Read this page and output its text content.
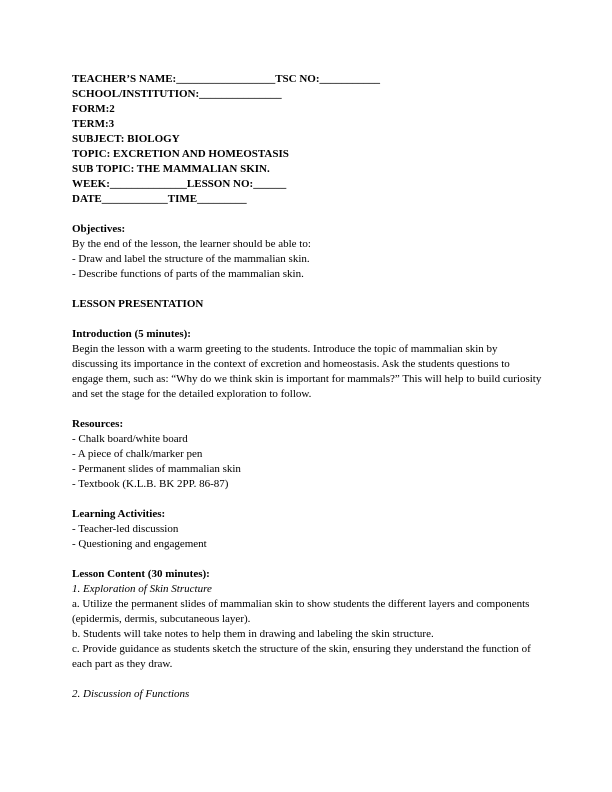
TEACHER’S NAME:__________________TSC NO:___________
SCHOOL/INSTITUTION:_______________
FORM:2
TERM:3
SUBJECT: BIOLOGY
TOPIC: EXCRETION AND HOMEOSTASIS
SUB TOPIC: THE MAMMALIAN SKIN.
WEEK:______________LESSON NO:______
DATE____________TIME_________
Objectives:
By the end of the lesson, the learner should be able to:
- Draw and label the structure of the mammalian skin.
- Describe functions of parts of the mammalian skin.
LESSON PRESENTATION
Introduction (5 minutes):
Begin the lesson with a warm greeting to the students. Introduce the topic of mammalian skin by discussing its importance in the context of excretion and homeostasis. Ask the students questions to engage them, such as: “Why do we think skin is important for mammals?” This will help to build curiosity and set the stage for the detailed exploration to follow.
Resources:
- Chalk board/white board
- A piece of chalk/marker pen
- Permanent slides of mammalian skin
- Textbook (K.L.B. BK 2PP. 86-87)
Learning Activities:
- Teacher-led discussion
- Questioning and engagement
Lesson Content (30 minutes):
1. Exploration of Skin Structure
a. Utilize the permanent slides of mammalian skin to show students the different layers and components (epidermis, dermis, subcutaneous layer).
b. Students will take notes to help them in drawing and labeling the skin structure.
c. Provide guidance as students sketch the structure of the skin, ensuring they understand the function of each part as they draw.
2. Discussion of Functions
